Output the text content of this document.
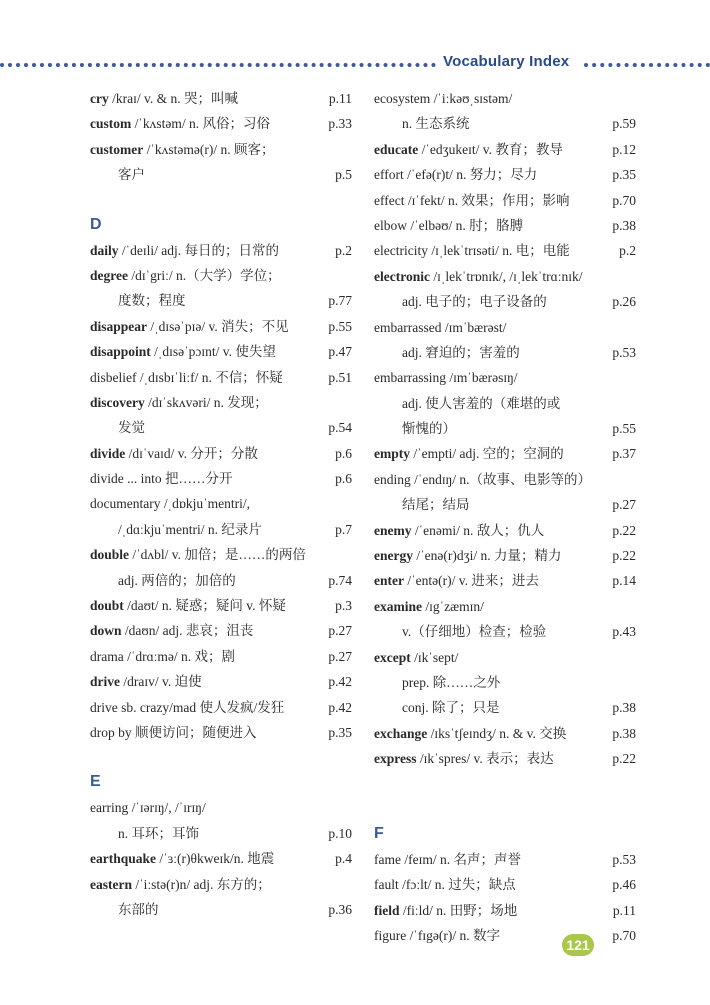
Vocabulary Index
cry /kraɪ/ v. & n. 哭；叫喊	p.11
custom /ˈkʌstəm/ n. 风俗；习俗	p.33
customer /ˈkʌstəmə(r)/ n. 顾客；
客户	p.5
D
daily /ˈdeɪli/ adj. 每日的；日常的	p.2
degree /dɪˈgriː/ n.（大学）学位；
度数；程度	p.77
disappear /ˌdɪsəˈpɪə/ v. 消失；不见	p.55
disappoint /ˌdɪsəˈpɔɪnt/ v. 使失望	p.47
disbelief /ˌdɪsbɪˈliːf/ n. 不信；怀疑	p.51
discovery /dɪˈskʌvəri/ n. 发现；
发觉	p.54
divide /dɪˈvaɪd/ v. 分开；分散	p.6
divide ... into 把……分开	p.6
documentary /ˌdɒkjuˈmentri/,
/ˌdɑːkjuˈmentri/ n. 纪录片	p.7
double /ˈdʌbl/ v. 加倍；是……的两倍
adj. 两倍的；加倍的	p.74
doubt /daʊt/ n. 疑惑；疑问 v. 怀疑	p.3
down /daʊn/ adj. 悲哀；沮丧	p.27
drama /ˈdrɑːmə/ n. 戏；剧	p.27
drive /draɪv/ v. 迫使	p.42
drive sb. crazy/mad 使人发疯/发狂	p.42
drop by 顺便访问；随便进入	p.35
E
earring /ˈɪərɪŋ/, /ˈɪrɪŋ/
n. 耳环；耳饰	p.10
earthquake /ˈɜː(r)θkweɪk/n. 地震	p.4
eastern /ˈiːstə(r)n/ adj. 东方的；
东部的	p.36
ecosystem /ˈiːkəʊˌsɪstəm/
n. 生态系统	p.59
educate /ˈedʒukeɪt/ v. 教育；教导	p.12
effort /ˈefə(r)t/ n. 努力；尽力	p.35
effect /ɪˈfekt/ n. 效果；作用；影响	p.70
elbow /ˈelbəʊ/ n. 肘；胳膊	p.38
electricity /ɪˌlekˈtrɪsəti/ n. 电；电能	p.2
electronic /ɪˌlekˈtrɒnɪk/, /ɪˌlekˈtrɑːnɪk/
adj. 电子的；电子设备的	p.26
embarrassed /ɪmˈbærəst/
adj. 窘迫的；害羞的	p.53
embarrassing /ɪmˈbærəsɪŋ/
adj. 使人害羞的（难堪的或
惭愧的）	p.55
empty /ˈempti/ adj. 空的；空洞的	p.37
ending /ˈendɪŋ/ n.（故事、电影等的）
结尾；结局	p.27
enemy /ˈenəmi/ n. 敌人；仇人	p.22
energy /ˈenə(r)dʒi/ n. 力量；精力	p.22
enter /ˈentə(r)/ v. 进来；进去	p.14
examine /ɪgˈzæmɪn/
v.（仔细地）检查；检验	p.43
except /ɪkˈsept/
prep. 除……之外
conj. 除了；只是	p.38
exchange /ɪksˈtʃeɪndʒ/ n. & v. 交换	p.38
express /ɪkˈspres/ v. 表示；表达	p.22
F
fame /feɪm/ n. 名声；声誉	p.53
fault /fɔːlt/ n. 过失；缺点	p.46
field /fiːld/ n. 田野；场地	p.11
figure /ˈfɪgə(r)/ n. 数字	p.70
121
